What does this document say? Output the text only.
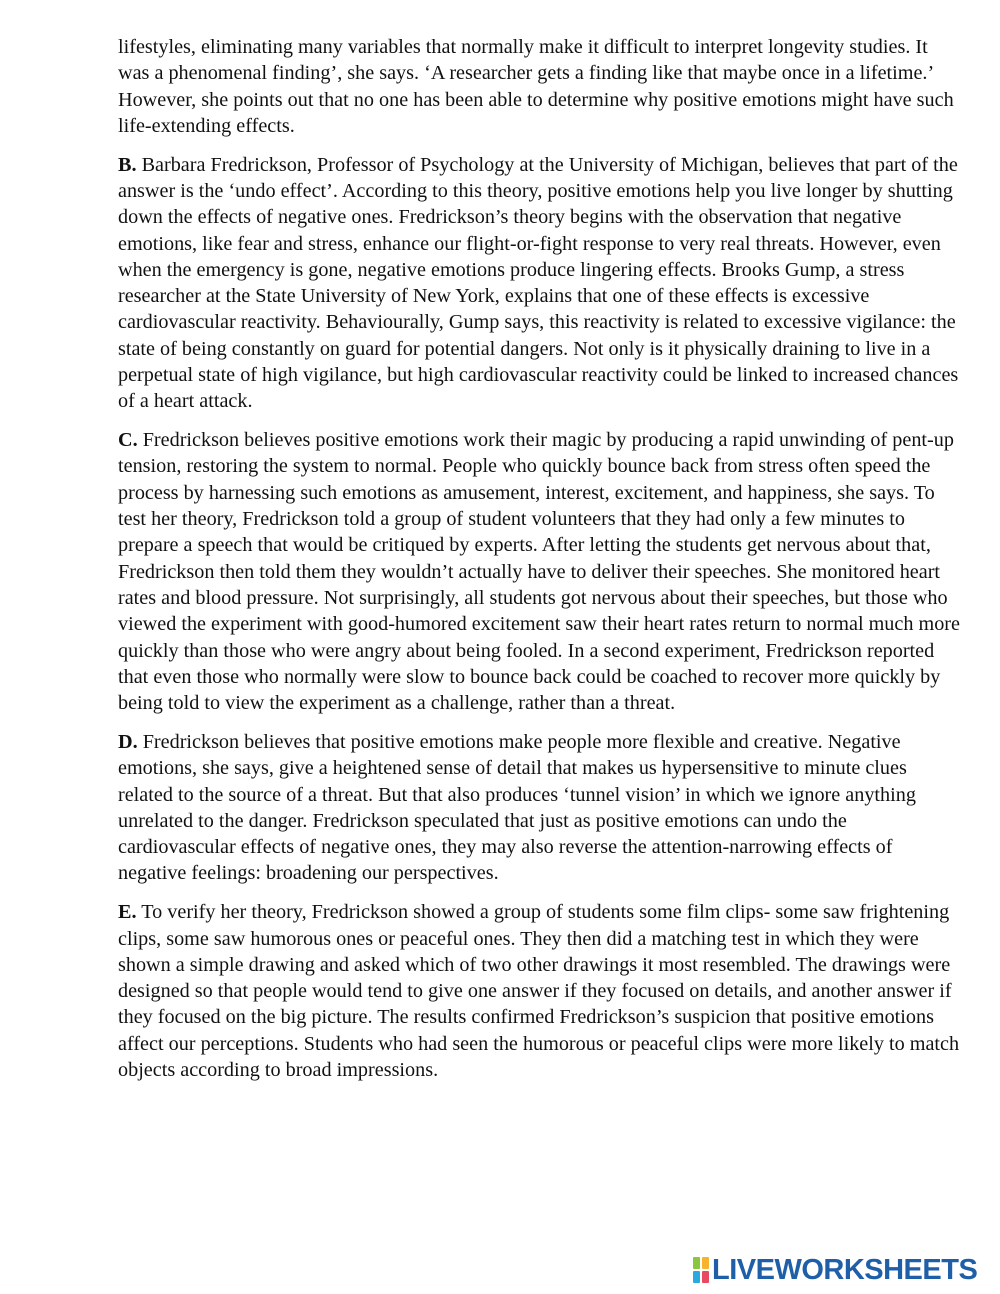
lifestyles, eliminating many variables that normally make it difficult to interpret longevity studies. It was a phenomenal finding’, she says. ‘A researcher gets a finding like that maybe once in a lifetime.’ However, she points out that no one has been able to determine why positive emotions might have such life-extending effects.

B. Barbara Fredrickson, Professor of Psychology at the University of Michigan, believes that part of the answer is the ‘undo effect’. According to this theory, positive emotions help you live longer by shutting down the effects of negative ones. Fredrickson’s theory begins with the observation that negative emotions, like fear and stress, enhance our flight-or-fight response to very real threats. However, even when the emergency is gone, negative emotions produce lingering effects. Brooks Gump, a stress researcher at the State University of New York, explains that one of these effects is excessive cardiovascular reactivity. Behaviourally, Gump says, this reactivity is related to excessive vigilance: the state of being constantly on guard for potential dangers. Not only is it physically draining to live in a perpetual state of high vigilance, but high cardiovascular reactivity could be linked to increased chances of a heart attack.

C. Fredrickson believes positive emotions work their magic by producing a rapid unwinding of pent-up tension, restoring the system to normal. People who quickly bounce back from stress often speed the process by harnessing such emotions as amusement, interest, excitement, and happiness, she says. To test her theory, Fredrickson told a group of student volunteers that they had only a few minutes to prepare a speech that would be critiqued by experts. After letting the students get nervous about that, Fredrickson then told them they wouldn’t actually have to deliver their speeches. She monitored heart rates and blood pressure. Not surprisingly, all students got nervous about their speeches, but those who viewed the experiment with good-humored excitement saw their heart rates return to normal much more quickly than those who were angry about being fooled. In a second experiment, Fredrickson reported that even those who normally were slow to bounce back could be coached to recover more quickly by being told to view the experiment as a challenge, rather than a threat.

D. Fredrickson believes that positive emotions make people more flexible and creative. Negative emotions, she says, give a heightened sense of detail that makes us hypersensitive to minute clues related to the source of a threat. But that also produces ‘tunnel vision’ in which we ignore anything unrelated to the danger. Fredrickson speculated that just as positive emotions can undo the cardiovascular effects of negative ones, they may also reverse the attention-narrowing effects of negative feelings: broadening our perspectives.

E. To verify her theory, Fredrickson showed a group of students some film clips- some saw frightening clips, some saw humorous ones or peaceful ones. They then did a matching test in which they were shown a simple drawing and asked which of two other drawings it most resembled. The drawings were designed so that people would tend to give one answer if they focused on details, and another answer if they focused on the big picture. The results confirmed Fredrickson’s suspicion that positive emotions affect our perceptions. Students who had seen the humorous or peaceful clips were more likely to match objects according to broad impressions.

LIVEWORKSHEETS
